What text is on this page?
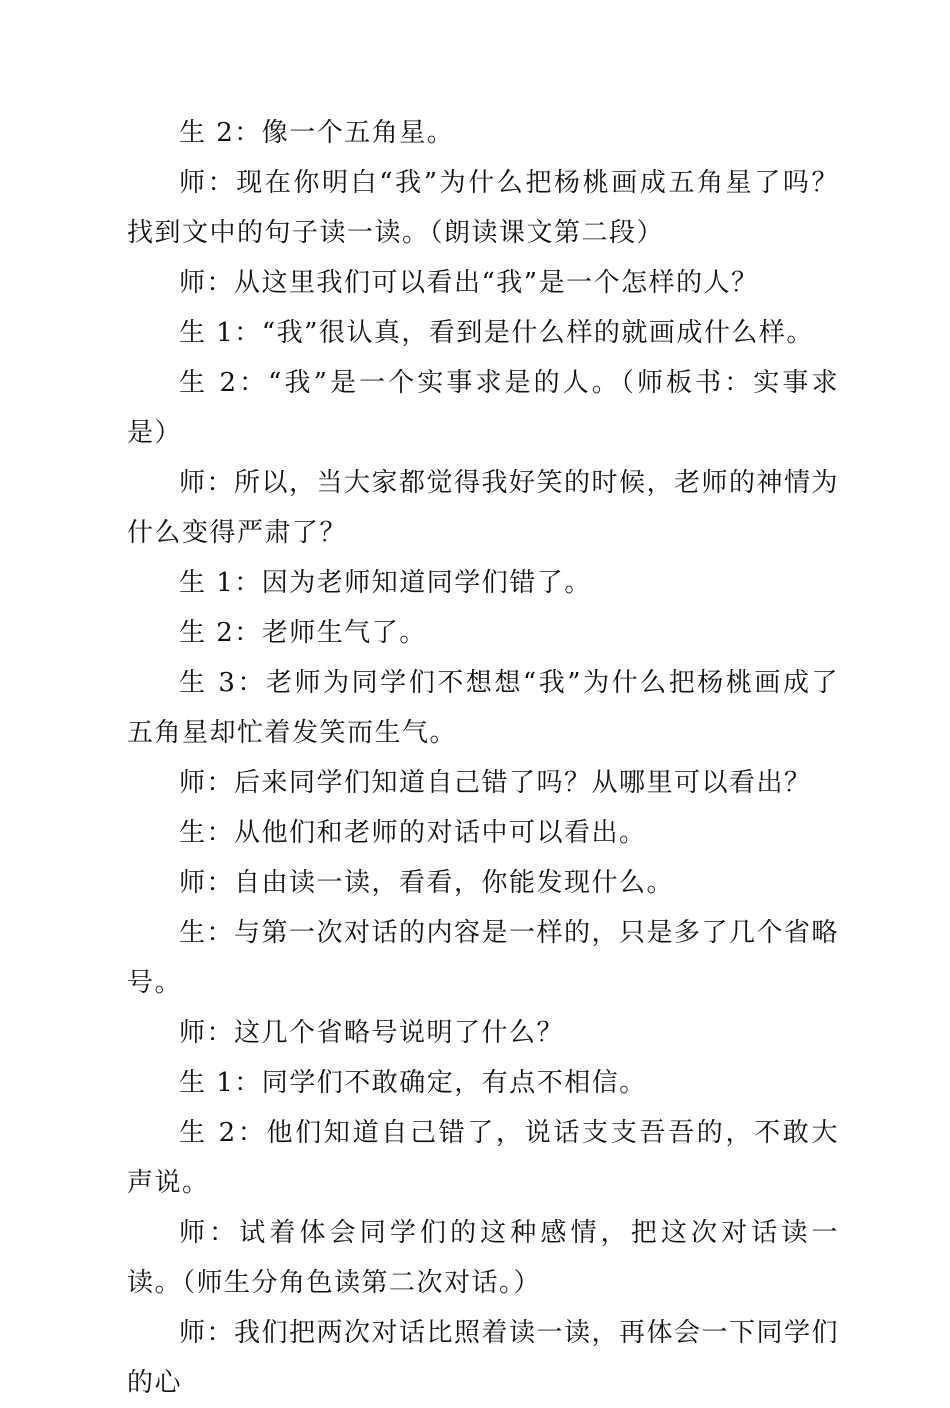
生 2：像一个五角星。

师：现在你明白“我”为什么把杨桃画成五角星了吗？找到文中的句子读一读。（朗读课文第二段）

师：从这里我们可以看出“我”是一个怎样的人？

生 1：“我”很认真，看到是什么样的就画成什么样。

生 2：“我”是一个实事求是的人。（师板书：实事求是）

师：所以，当大家都觉得我好笑的时候，老师的神情为什么变得严肃了？

生 1：因为老师知道同学们错了。

生 2：老师生气了。

生 3：老师为同学们不想想“我”为什么把杨桃画成了五角星却忙着发笑而生气。

师：后来同学们知道自己错了吗？从哪里可以看出？

生：从他们和老师的对话中可以看出。

师：自由读一读，看看，你能发现什么。

生：与第一次对话的内容是一样的，只是多了几个省略号。

师：这几个省略号说明了什么？

生 1：同学们不敢确定，有点不相信。

生 2：他们知道自己错了，说话支支吾吾的，不敢大声说。

师：试着体会同学们的这种感情，把这次对话读一读。（师生分角色读第二次对话。）

师：我们把两次对话比照着读一读，再体会一下同学们的心
